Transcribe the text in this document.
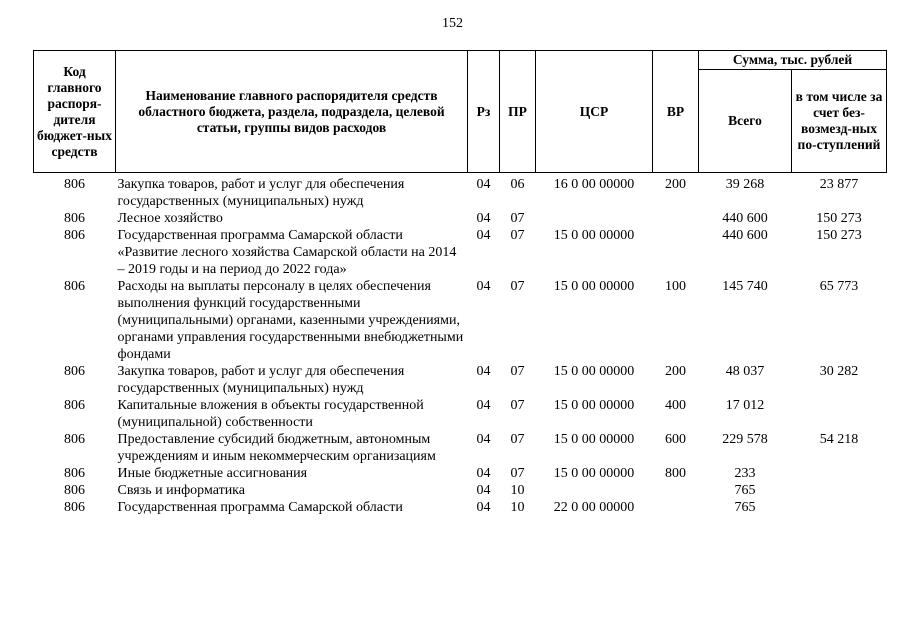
152
Код главного распоря-дителя бюджет-ных средств	Наименование главного распорядителя средств областного бюджета, раздела, подраздела, целевой статьи, группы видов расходов	Рз	ПР	ЦСР	ВР	Сумма, тыс. рублей	
						Всего	в том числе за счет без-возмезд-ных по-ступлений
806	Закупка товаров, работ и услуг для обеспечения государственных (муниципальных) нужд	04	06	16 0 00 00000	200	39 268	23 877
806	Лесное хозяйство	04	07			440 600	150 273
806	Государственная программа Самарской области «Развитие лесного хозяйства Самарской области на 2014 – 2019 годы и на период до 2022 года»	04	07	15 0 00 00000		440 600	150 273
806	Расходы на выплаты персоналу в целях обеспечения выполнения функций государственными (муниципальными) органами, казенными учреждениями, органами управления государственными внебюджетными фондами	04	07	15 0 00 00000	100	145 740	65 773
806	Закупка товаров, работ и услуг для обеспечения государственных (муниципальных) нужд	04	07	15 0 00 00000	200	48 037	30 282
806	Капитальные вложения в объекты государственной (муниципальной) собственности	04	07	15 0 00 00000	400	17 012	
806	Предоставление субсидий бюджетным, автономным учреждениям и иным некоммерческим организациям	04	07	15 0 00 00000	600	229 578	54 218
806	Иные бюджетные ассигнования	04	07	15 0 00 00000	800	233	
806	Связь и информатика	04	10			765	
806	Государственная программа Самарской области	04	10	22 0 00 00000		765	
